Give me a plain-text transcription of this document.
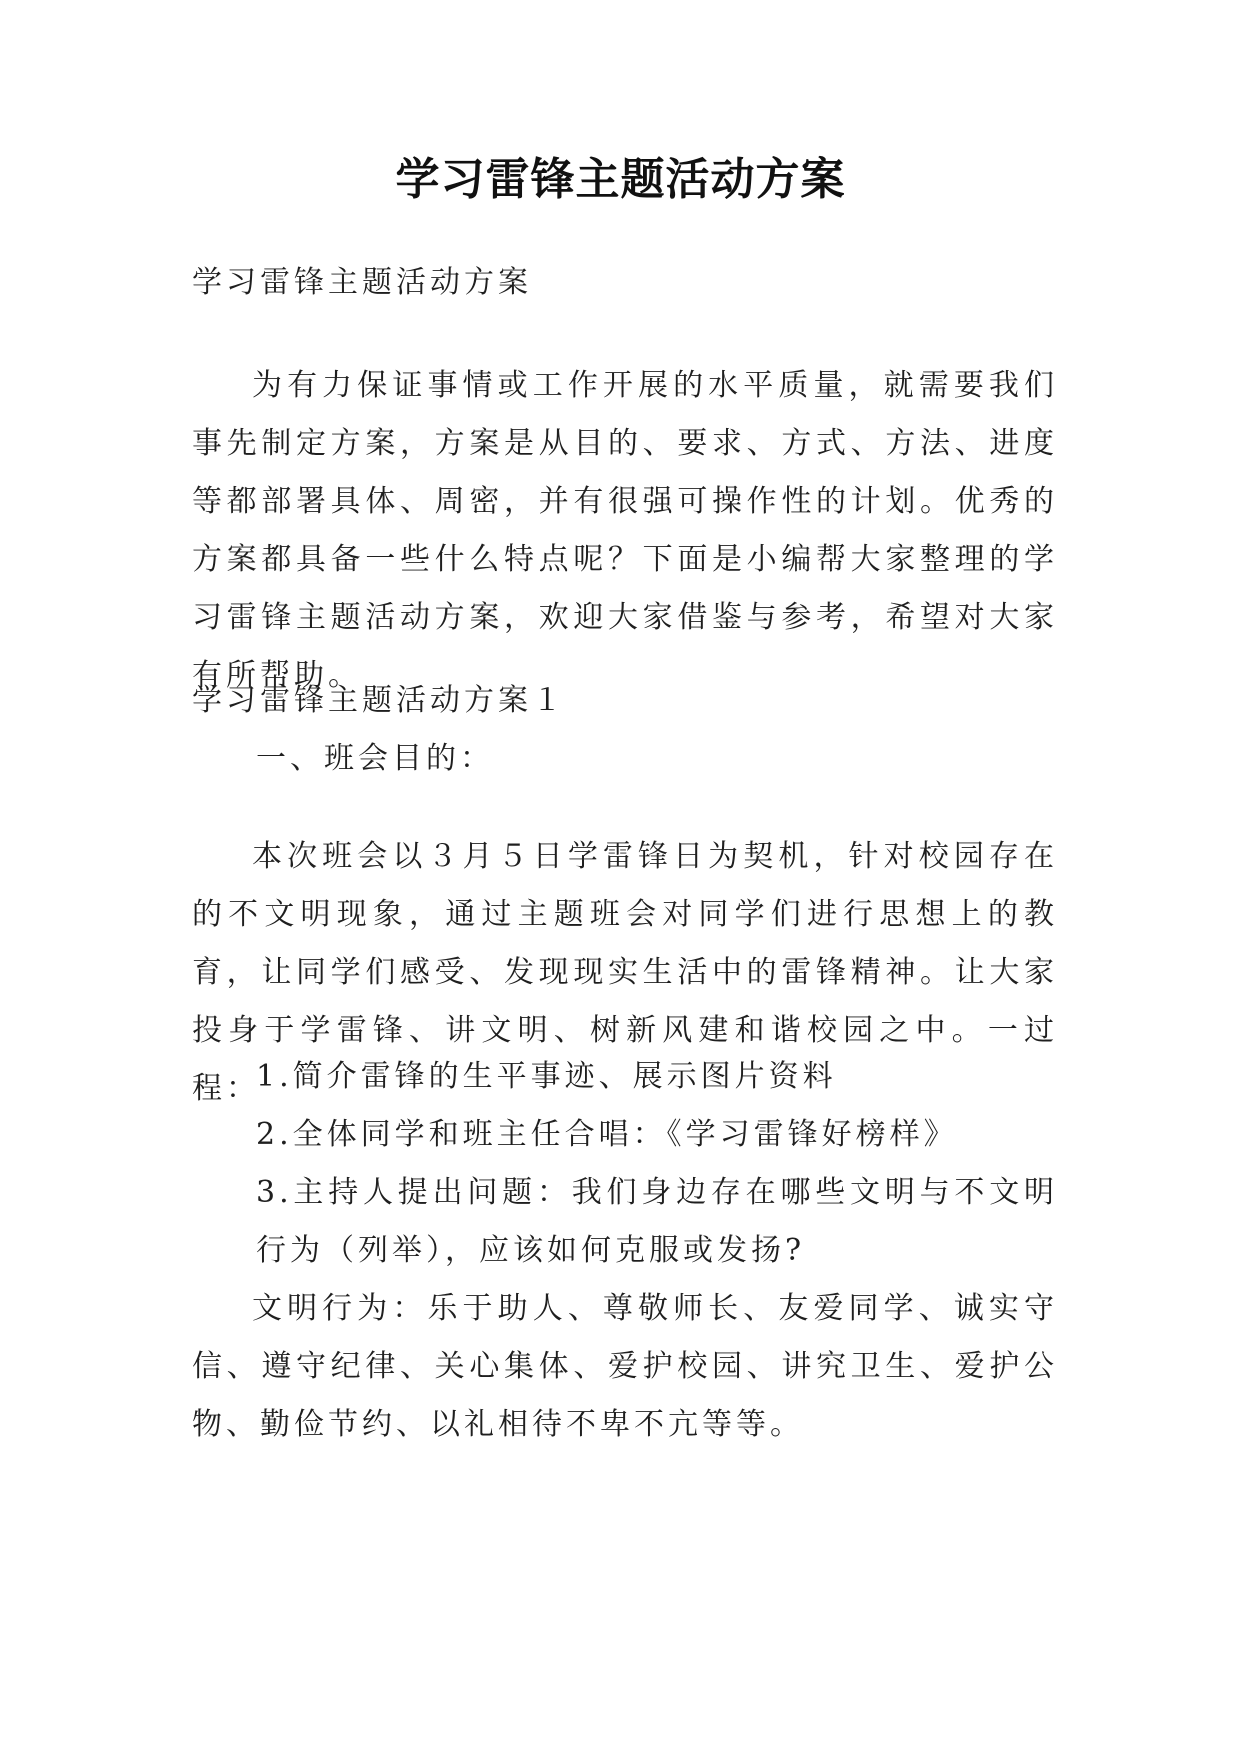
学习雷锋主题活动方案
学习雷锋主题活动方案

为有力保证事情或工作开展的水平质量，就需要我们事先制定方案，方案是从目的、要求、方式、方法、进度等都部署具体、周密，并有很强可操作性的计划。优秀的方案都具备一些什么特点呢？下面是小编帮大家整理的学习雷锋主题活动方案，欢迎大家借鉴与参考，希望对大家有所帮助。

学习雷锋主题活动方案１
一、班会目的：

本次班会以３月５日学雷锋日为契机，针对校园存在的不文明现象，通过主题班会对同学们进行思想上的教育，让同学们感受、发现现实生活中的雷锋精神。让大家投身于学雷锋、讲文明、树新风建和谐校园之中。一过程：

1.简介雷锋的生平事迹、展示图片资料
2.全体同学和班主任合唱：《学习雷锋好榜样》
3.主持人提出问题：我们身边存在哪些文明与不文明行为（列举），应该如何克服或发扬?

文明行为：乐于助人、尊敬师长、友爱同学、诚实守信、遵守纪律、关心集体、爱护校园、讲究卫生、爱护公物、勤俭节约、以礼相待不卑不亢等等。
